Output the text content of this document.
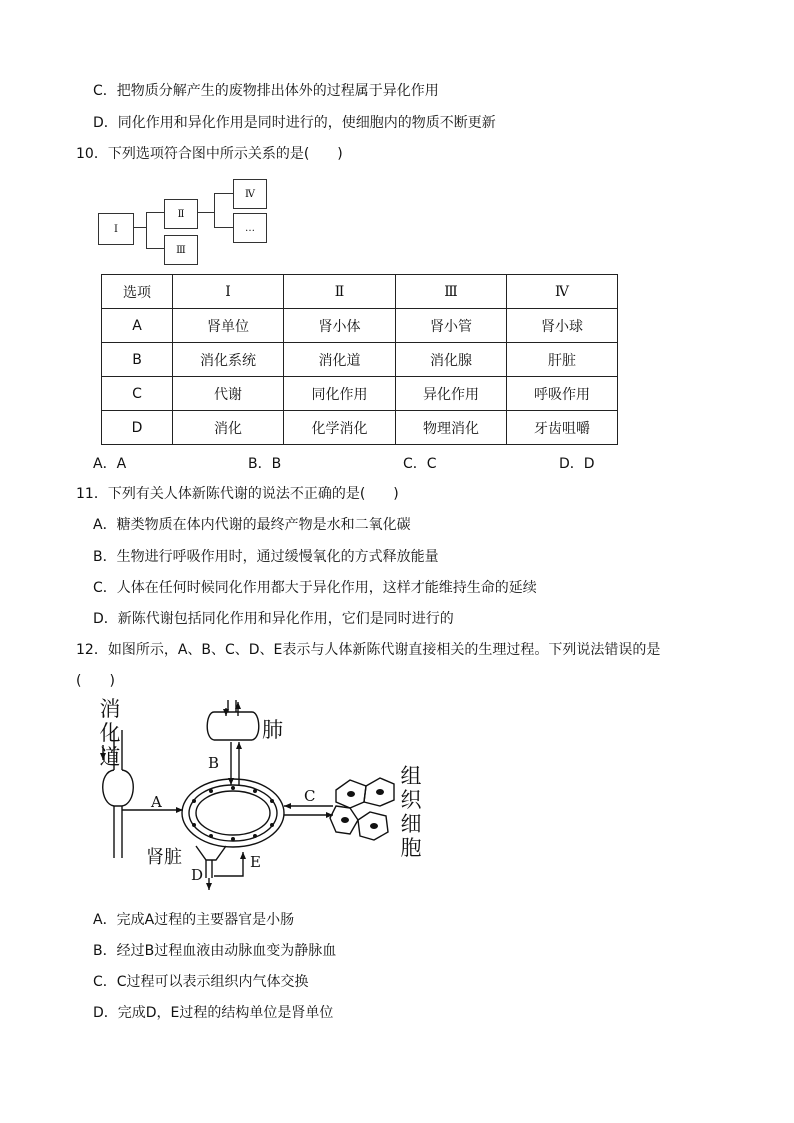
C．把物质分解产生的废物排出体外的过程属于异化作用
D．同化作用和异化作用是同时进行的，使细胞内的物质不断更新
10．下列选项符合图中所示关系的是(　　)
Ⅰ
Ⅱ
Ⅲ
Ⅳ
…
选项	Ⅰ	Ⅱ	Ⅲ	Ⅳ
A	肾单位	肾小体	肾小管	肾小球
B	消化系统	消化道	消化腺	肝脏
C	代谢	同化作用	异化作用	呼吸作用
D	消化	化学消化	物理消化	牙齿咀嚼
A．A	B．B	C．C	D．D
11．下列有关人体新陈代谢的说法不正确的是(　　)
A．糖类物质在体内代谢的最终产物是水和二氧化碳
B．生物进行呼吸作用时，通过缓慢氧化的方式释放能量
C．人体在任何时候同化作用都大于异化作用，这样才能维持生命的延续
D．新陈代谢包括同化作用和异化作用，它们是同时进行的
12．如图所示，A、B、C、D、E表示与人体新陈代谢直接相关的生理过程。下列说法错误的是
(　　)
消
化
道
肺
组
织
细
胞
肾脏
A
B
C
D
E
A．完成A过程的主要器官是小肠
B．经过B过程血液由动脉血变为静脉血
C．C过程可以表示组织内气体交换
D．完成D，E过程的结构单位是肾单位
